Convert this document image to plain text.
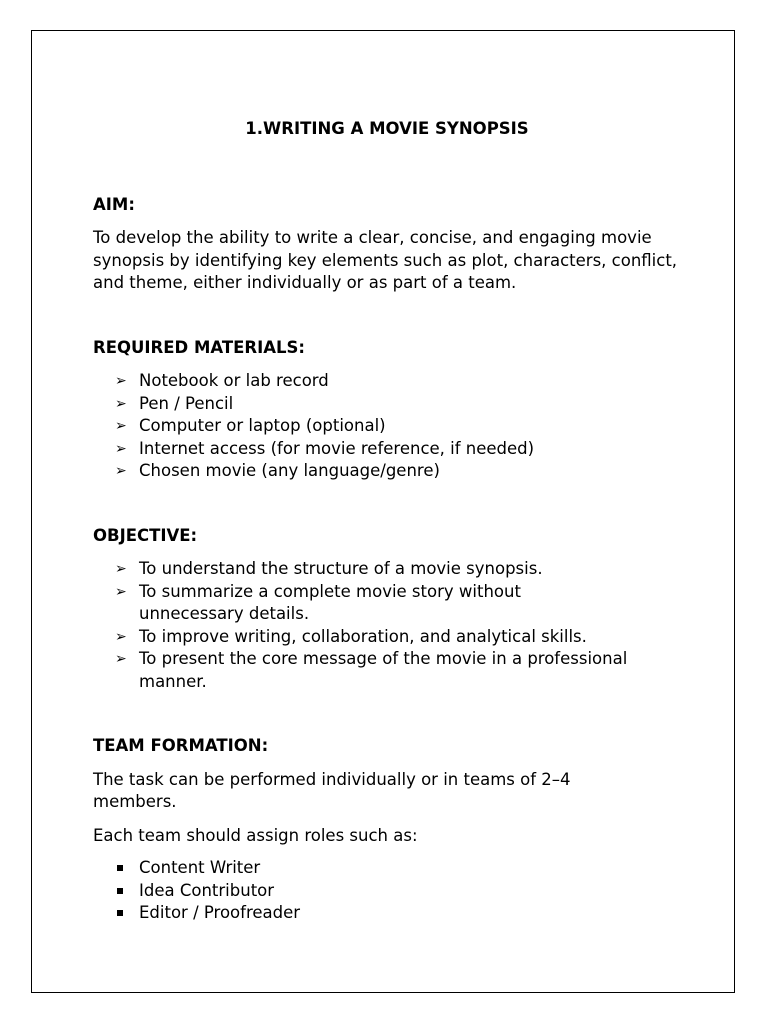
1.WRITING A MOVIE SYNOPSIS
AIM:
To develop the ability to write a clear, concise, and engaging movie synopsis by identifying key elements such as plot, characters, conflict, and theme, either individually or as part of a team.
REQUIRED MATERIALS:
➢ Notebook or lab record
➢ Pen / Pencil
➢ Computer or laptop (optional)
➢ Internet access (for movie reference, if needed)
➢ Chosen movie (any language/genre)
OBJECTIVE:
➢ To understand the structure of a movie synopsis.
➢ To summarize a complete movie story without unnecessary details.
➢ To improve writing, collaboration, and analytical skills.
➢ To present the core message of the movie in a professional manner.
TEAM FORMATION:
The task can be performed individually or in teams of 2–4 members.
Each team should assign roles such as:
Content Writer
Idea Contributor
Editor / Proofreader
